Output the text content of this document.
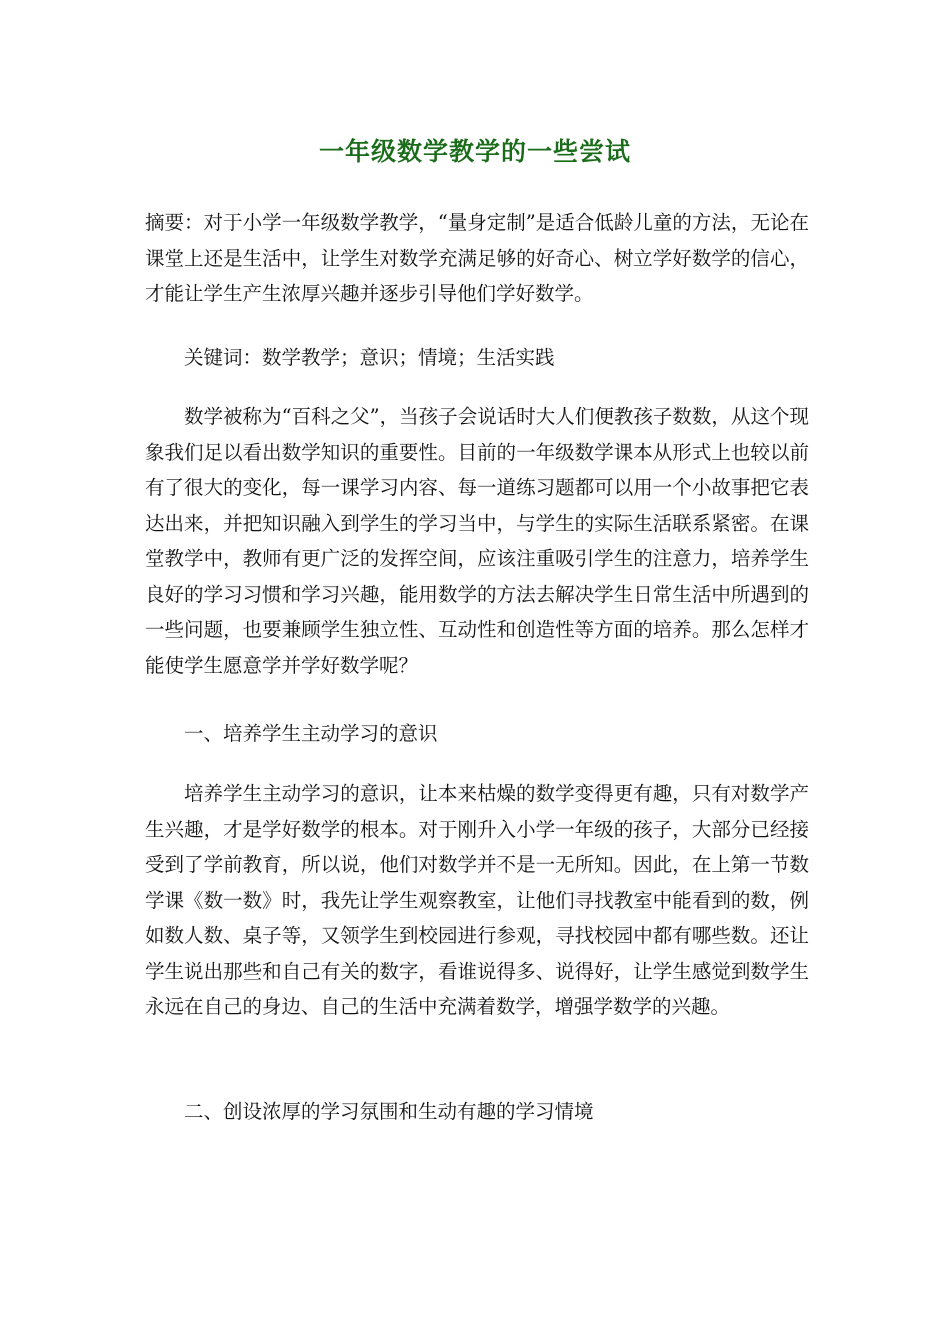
一年级数学教学的一些尝试

摘要：对于小学一年级数学教学，“量身定制”是适合低龄儿童的方法，无论在课堂上还是生活中，让学生对数学充满足够的好奇心、树立学好数学的信心，才能让学生产生浓厚兴趣并逐步引导他们学好数学。

关键词：数学教学；意识；情境；生活实践

数学被称为“百科之父”，当孩子会说话时大人们便教孩子数数，从这个现象我们足以看出数学知识的重要性。目前的一年级数学课本从形式上也较以前有了很大的变化，每一课学习内容、每一道练习题都可以用一个小故事把它表达出来，并把知识融入到学生的学习当中，与学生的实际生活联系紧密。在课堂教学中，教师有更广泛的发挥空间，应该注重吸引学生的注意力，培养学生良好的学习习惯和学习兴趣，能用数学的方法去解决学生日常生活中所遇到的一些问题，也要兼顾学生独立性、互动性和创造性等方面的培养。那么怎样才能使学生愿意学并学好数学呢？

一、培养学生主动学习的意识

培养学生主动学习的意识，让本来枯燥的数学变得更有趣，只有对数学产生兴趣，才是学好数学的根本。对于刚升入小学一年级的孩子，大部分已经接受到了学前教育，所以说，他们对数学并不是一无所知。因此，在上第一节数学课《数一数》时，我先让学生观察教室，让他们寻找教室中能看到的数，例如数人数、桌子等，又领学生到校园进行参观，寻找校园中都有哪些数。还让学生说出那些和自己有关的数字，看谁说得多、说得好，让学生感觉到数学生永远在自己的身边、自己的生活中充满着数学，增强学数学的兴趣。

二、创设浓厚的学习氛围和生动有趣的学习情境
